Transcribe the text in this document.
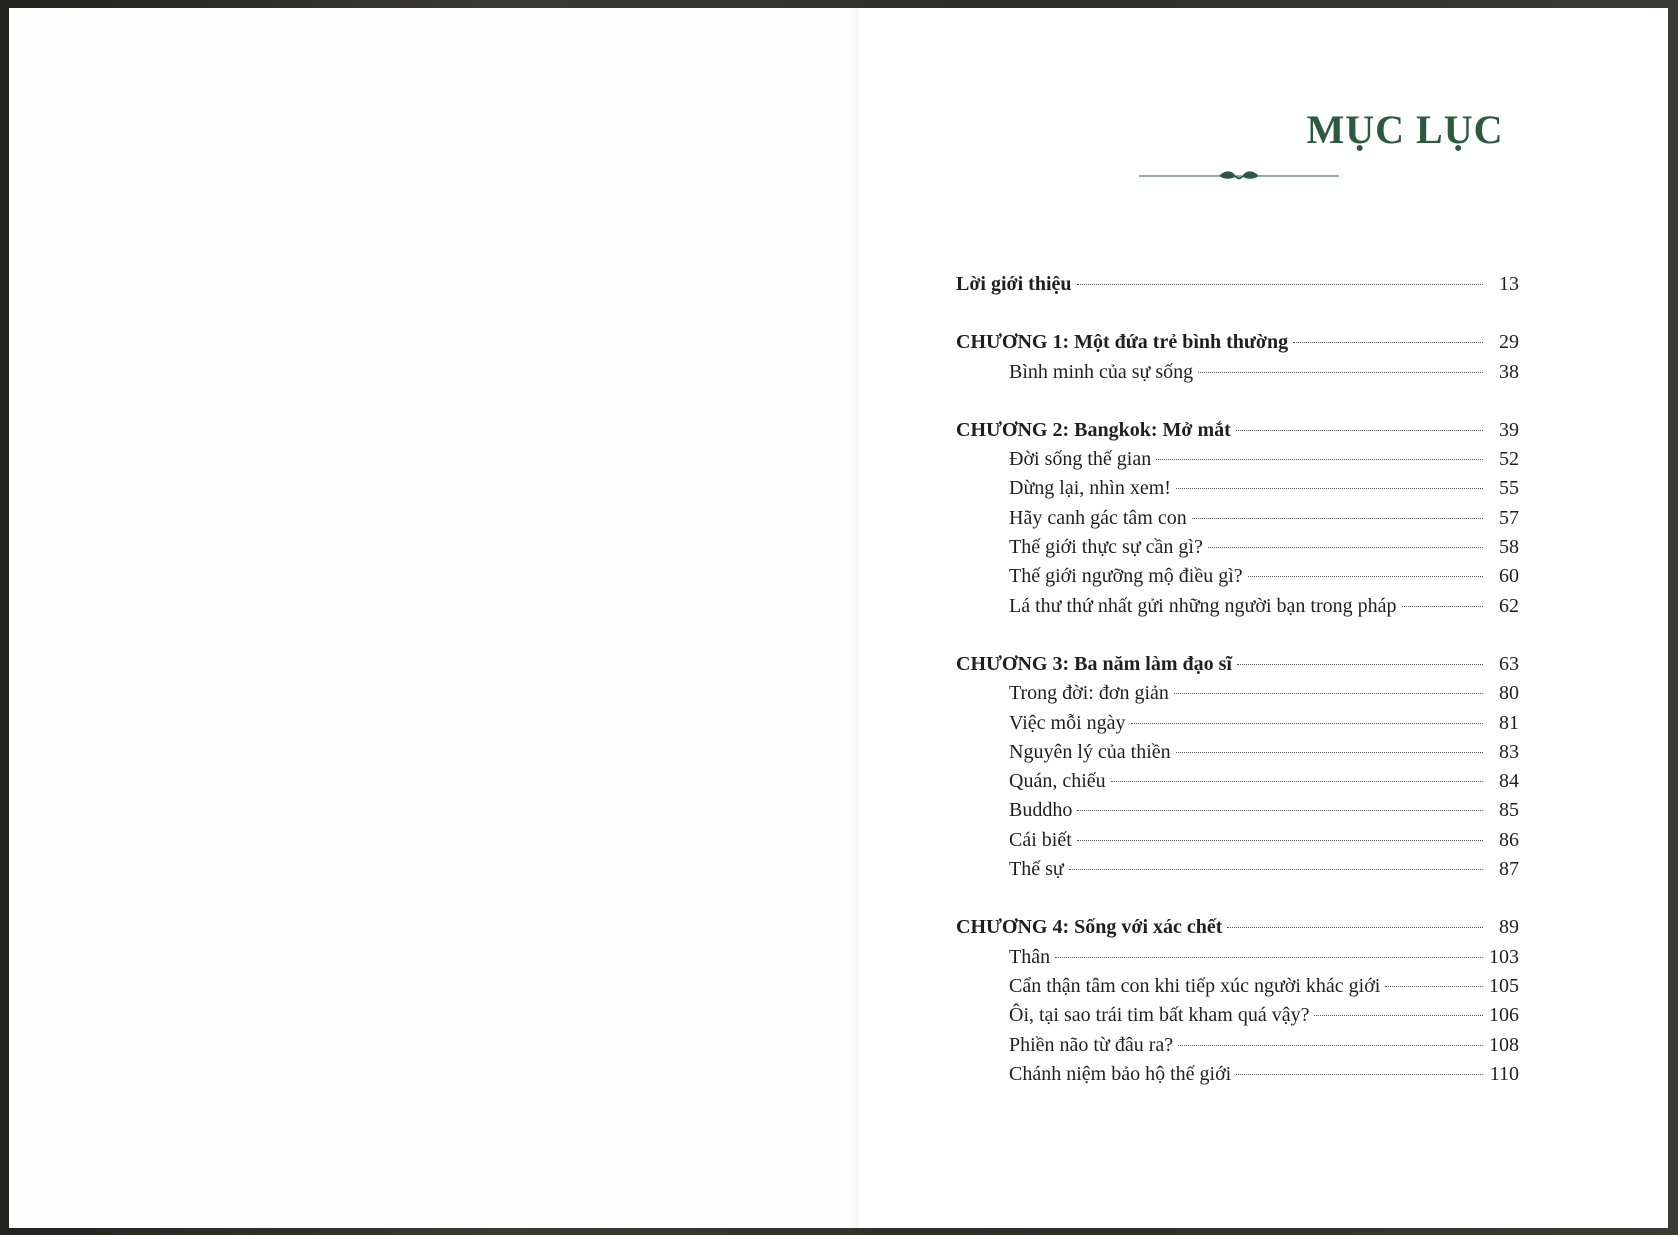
MỤC LỤC
Lời giới thiệu	13
CHƯƠNG 1: Một đứa trẻ bình thường	29
Bình minh của sự sống	38
CHƯƠNG 2: Bangkok: Mở mắt	39
Đời sống thế gian	52
Dừng lại, nhìn xem!	55
Hãy canh gác tâm con	57
Thế giới thực sự cần gì?	58
Thế giới ngưỡng mộ điều gì?	60
Lá thư thứ nhất gửi những người bạn trong pháp	62
CHƯƠNG 3: Ba năm làm đạo sĩ	63
Trong đời: đơn giản	80
Việc mỗi ngày	81
Nguyên lý của thiền	83
Quán, chiếu	84
Buddho	85
Cái biết	86
Thế sự	87
CHƯƠNG 4: Sống với xác chết	89
Thân	103
Cẩn thận tâm con khi tiếp xúc người khác giới	105
Ôi, tại sao trái tim bất kham quá vậy?	106
Phiền não từ đâu ra?	108
Chánh niệm bảo hộ thế giới	110
